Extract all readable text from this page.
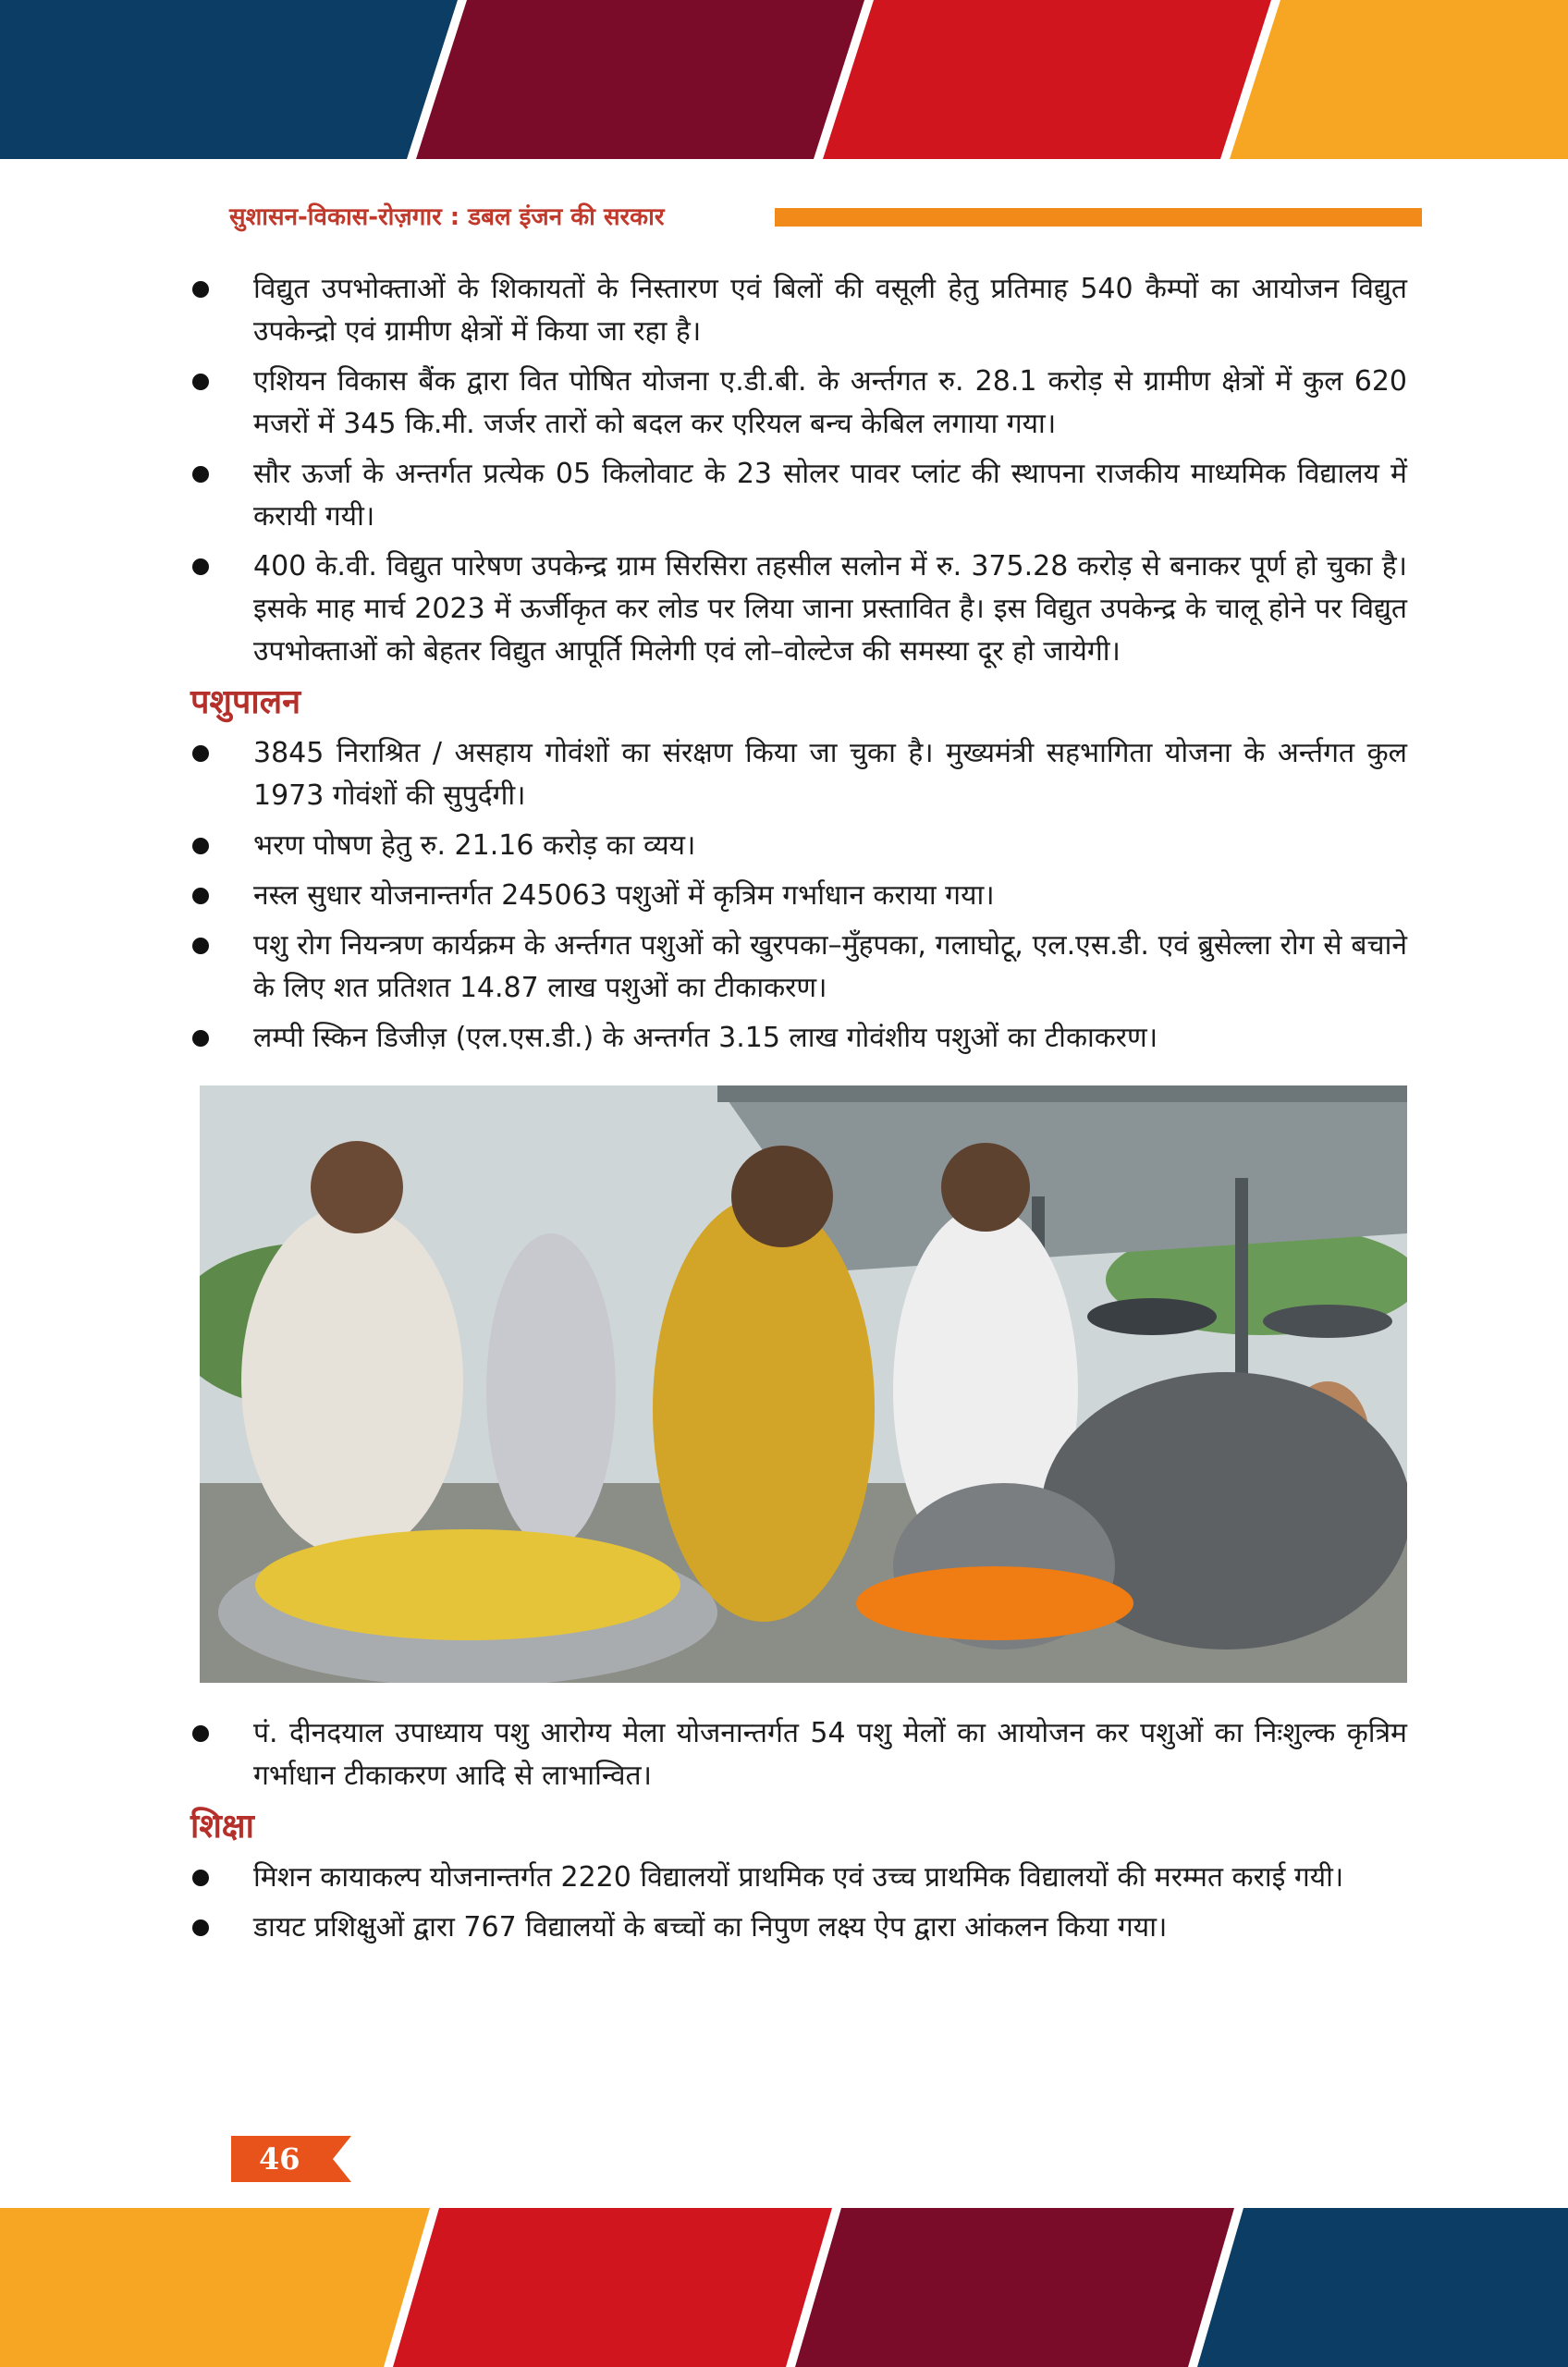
सुशासन-विकास-रोज़गार : डबल इंजन की सरकार
विद्युत उपभोक्ताओं के शिकायतों के निस्तारण एवं बिलों की वसूली हेतु प्रतिमाह 540 कैम्पों का आयोजन विद्युत उपकेन्द्रो एवं ग्रामीण क्षेत्रों में किया जा रहा है।
एशियन विकास बैंक द्वारा वित पोषित योजना ए.डी.बी. के अर्न्तगत रु. 28.1 करोड़ से ग्रामीण क्षेत्रों में कुल 620 मजरों में 345 कि.मी. जर्जर तारों को बदल कर एरियल बन्च केबिल लगाया गया।
सौर ऊर्जा के अन्तर्गत प्रत्येक 05 किलोवाट के 23 सोलर पावर प्लांट की स्थापना राजकीय माध्यमिक विद्यालय में करायी गयी।
400 के.वी. विद्युत पारेषण उपकेन्द्र ग्राम सिरसिरा तहसील सलोन में रु. 375.28 करोड़ से बनाकर पूर्ण हो चुका है। इसके माह मार्च 2023 में ऊर्जीकृत कर लोड पर लिया जाना प्रस्तावित है। इस विद्युत उपकेन्द्र के चालू होने पर विद्युत उपभोक्ताओं को बेहतर विद्युत आपूर्ति मिलेगी एवं लो–वोल्टेज की समस्या दूर हो जायेगी।
पशुपालन
3845 निराश्रित / असहाय गोवंशों का संरक्षण किया जा चुका है। मुख्यमंत्री सहभागिता योजना के अर्न्तगत कुल 1973 गोवंशों की सुपुर्दगी।
भरण पोषण हेतु रु. 21.16 करोड़ का व्यय।
नस्ल सुधार योजनान्तर्गत 245063 पशुओं में कृत्रिम गर्भाधान कराया गया।
पशु रोग नियन्त्रण कार्यक्रम के अर्न्तगत पशुओं को खुरपका–मुँहपका, गलाघोटू, एल.एस.डी. एवं ब्रुसेल्ला रोग से बचाने के लिए शत प्रतिशत 14.87 लाख पशुओं का टीकाकरण।
लम्पी स्किन डिजीज़ (एल.एस.डी.) के अन्तर्गत 3.15 लाख गोवंशीय पशुओं का टीकाकरण।
पं. दीनदयाल उपाध्याय पशु आरोग्य मेला योजनान्तर्गत 54 पशु मेलों का आयोजन कर पशुओं का निःशुल्क कृत्रिम गर्भाधान टीकाकरण आदि से लाभान्वित।
शिक्षा
मिशन कायाकल्प योजनान्तर्गत 2220 विद्यालयों प्राथमिक एवं उच्च प्राथमिक विद्यालयों की मरम्मत कराई गयी।
डायट प्रशिक्षुओं द्वारा 767 विद्यालयों के बच्चों का निपुण लक्ष्य ऐप द्वारा आंकलन किया गया।
46
